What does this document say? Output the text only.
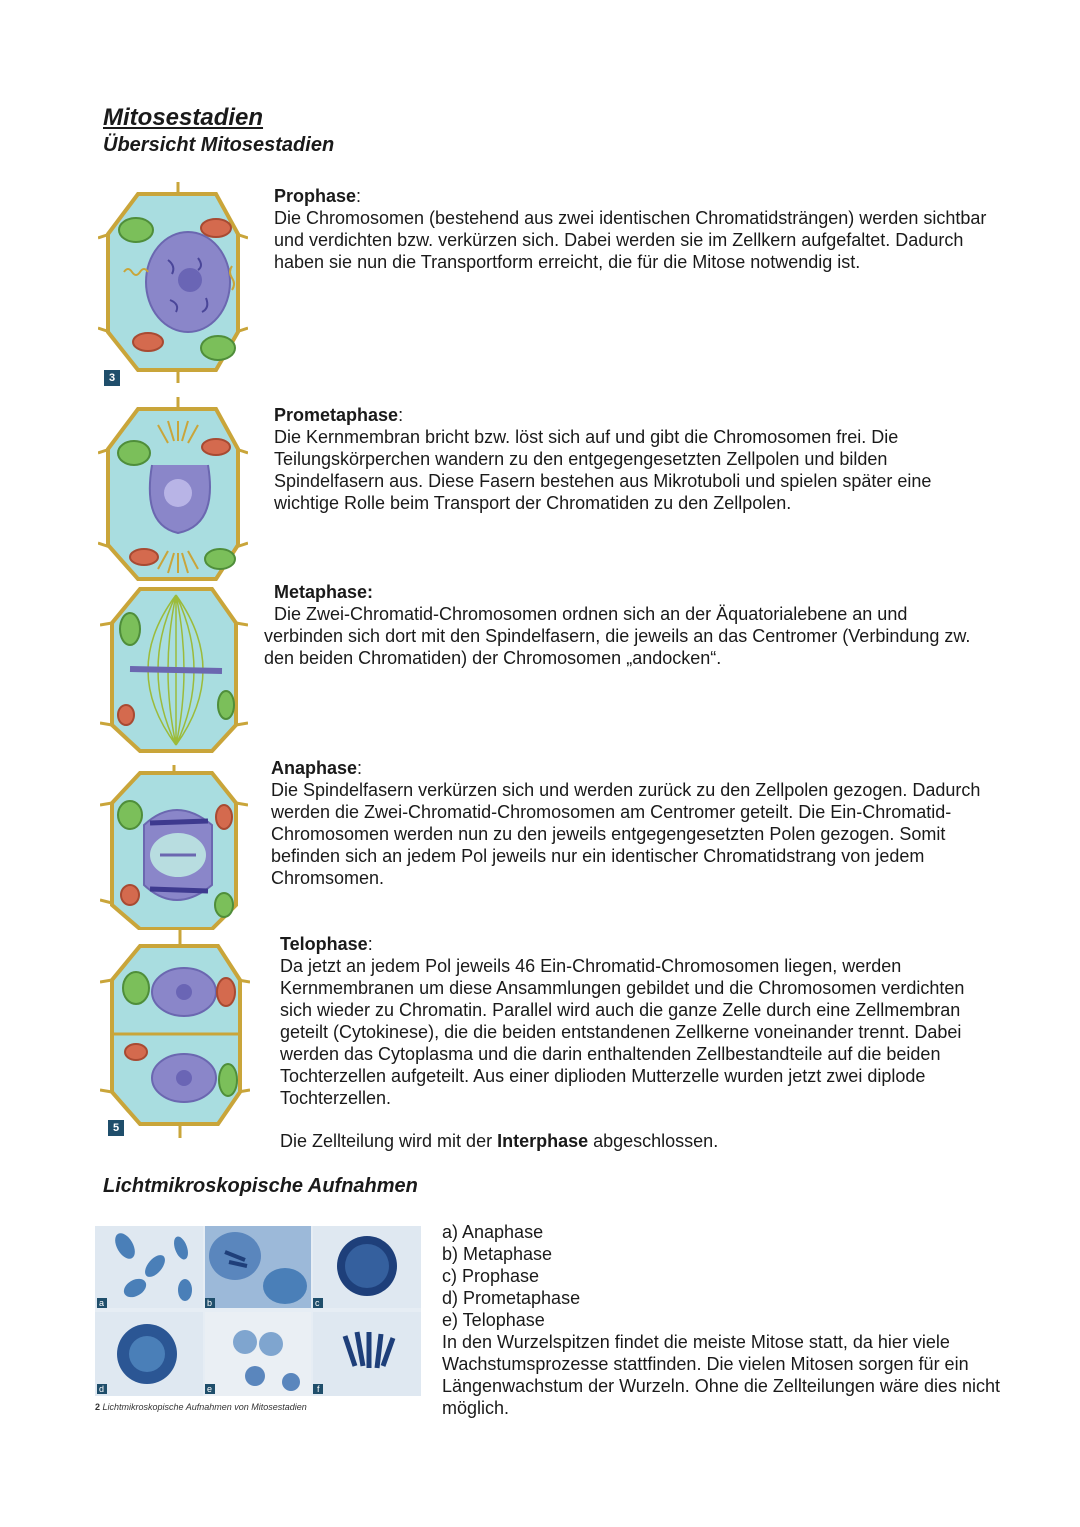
Mitosestadien
Übersicht Mitosestadien
3

Prophase:

Die Chromosomen (bestehend aus zwei identischen Chromatidsträngen) werden sichtbar und verdichten bzw. verkürzen sich. Dabei werden sie im Zellkern aufgefaltet. Dadurch haben sie nun die Transportform erreicht, die für die Mitose notwendig ist.

Prometaphase:

Die Kernmembran bricht bzw. löst sich auf und gibt die Chromosomen frei. Die Teilungskörperchen wandern zu den entgegengesetzten Zellpolen und bilden Spindelfasern aus. Diese Fasern bestehen aus Mikrotuboli und spielen später eine wichtige Rolle beim Transport der Chromatiden zu den Zellpolen.

Metaphase:

Die Zwei-Chromatid-Chromosomen ordnen sich an der Äquatorialebene an und verbinden sich dort mit den Spindelfasern, die jeweils an das Centromer (Verbindung zw. den beiden Chromatiden) der Chromosomen „andocken“.

Anaphase:

Die Spindelfasern verkürzen sich und werden zurück zu den Zellpolen gezogen. Dadurch werden die Zwei-Chromatid-Chromosomen am Centromer geteilt. Die Ein-Chromatid-Chromosomen werden nun zu den jeweils entgegengesetzten Polen gezogen. Somit befinden sich an jedem Pol jeweils nur ein identischer Chromatidstrang von jedem Chromsomen.

5

Telophase:

Da jetzt an jedem Pol jeweils 46 Ein-Chromatid-Chromosomen liegen, werden Kernmembranen um diese Ansammlungen gebildet und die Chromosomen verdichten sich wieder zu Chromatin. Parallel wird auch die ganze Zelle durch eine Zellmembran geteilt (Cytokinese), die die beiden entstandenen Zellkerne voneinander trennt. Dabei werden das Cytoplasma und die darin enthaltenden Zellbestandteile auf die beiden Tochterzellen aufgeteilt. Aus einer diplioden Mutterzelle wurden jetzt zwei diplode Tochterzellen.

Die Zellteilung wird mit der Interphase abgeschlossen.
Lichtmikroskopische Aufnahmen
a	b	c
d	e	f
2 Lichtmikroskopische Aufnahmen von Mitosestadien
a) Anaphase
b) Metaphase
c) Prophase
d) Prometaphase
e) Telophase
In den Wurzelspitzen findet die meiste Mitose statt, da hier viele Wachstumsprozesse stattfinden. Die vielen Mitosen sorgen für ein Längenwachstum der Wurzeln. Ohne die Zellteilungen wäre dies nicht möglich.
